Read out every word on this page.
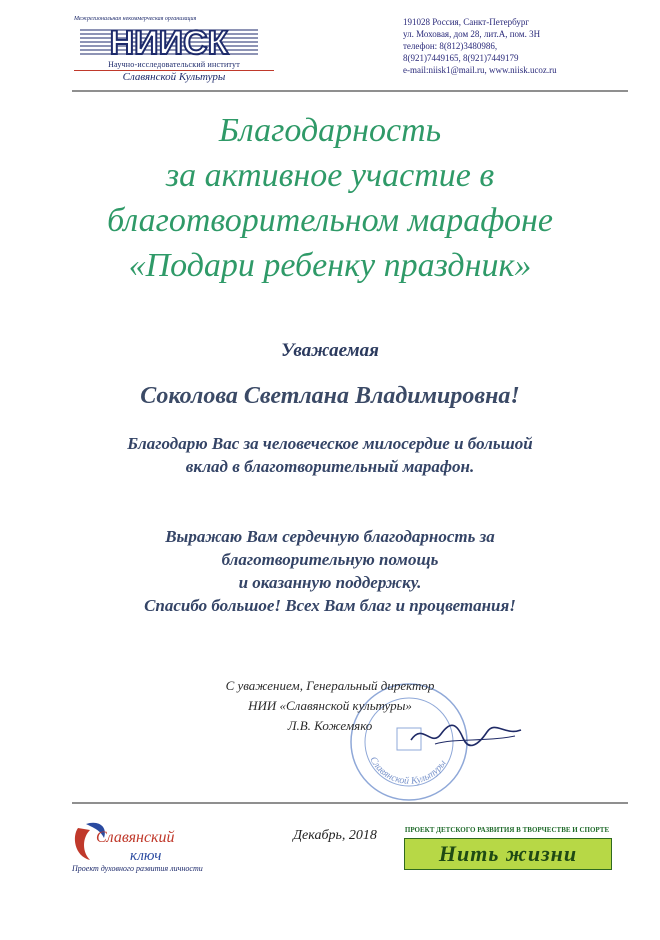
Межрегиональная некоммерческая организация
НИИСК
Научно-исследовательский институт
Славянской Культуры
191028 Россия, Санкт-Петербург
ул. Моховая, дом 28, лит.А, пом. 3Н
телефон: 8(812)3480986,
8(921)7449165, 8(921)7449179
e-mail:niisk1@mail.ru, www.niisk.ucoz.ru
Благодарность
за активное участие в
благотворительном марафоне
«Подари ребенку праздник»
Уважаемая
Соколова Светлана Владимировна!
Благодарю Вас за человеческое милосердие и большой
вклад в благотворительный марафон.
Выражаю Вам сердечную благодарность за
благотворительную помощь
и оказанную поддержку.
Спасибо большое! Всех Вам благ и процветания!
Славянской Культуры
С уважением, Генеральный директор
НИИ «Славянской культуры»
Л.В. Кожемяко
Славянский
ключ
Проект духовного развития личности
Декабрь, 2018	ПРОЕКТ ДЕТСКОГО РАЗВИТИЯ В ТВОРЧЕСТВЕ И СПОРТЕ
Нить жизни
